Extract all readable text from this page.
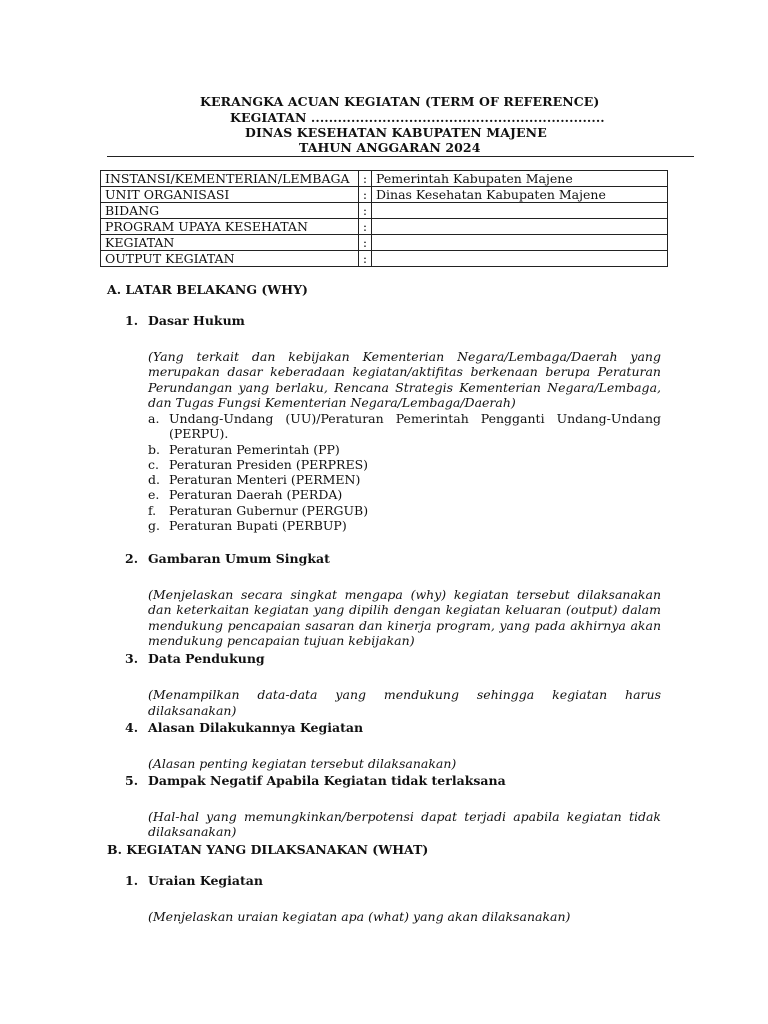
KERANGKA ACUAN KEGIATAN (TERM OF REFERENCE)
KEGIATAN ..................................................................
DINAS KESEHATAN KABUPATEN MAJENE
TAHUN ANGGARAN 2024
INSTANSI/KEMENTERIAN/LEMBAGA	:	Pemerintah Kabupaten Majene
UNIT ORGANISASI	:	Dinas Kesehatan Kabupaten Majene
BIDANG	:	
PROGRAM UPAYA KESEHATAN	:	
KEGIATAN	:	
OUTPUT KEGIATAN	:	
A. LATAR BELAKANG (WHY)
1. Dasar Hukum

(Yang terkait dan kebijakan Kementerian Negara/Lembaga/Daerah yang merupakan dasar keberadaan kegiatan/aktifitas berkenaan berupa Peraturan Perundangan yang berlaku, Rencana Strategis Kementerian Negara/Lembaga, dan Tugas Fungsi Kementerian Negara/Lembaga/Daerah)

a. Undang-Undang (UU)/Peraturan Pemerintah Pengganti Undang-Undang (PERPU).
b. Peraturan Pemerintah (PP)
c. Peraturan Presiden (PERPRES)
d. Peraturan Menteri (PERMEN)
e. Peraturan Daerah (PERDA)
f. Peraturan Gubernur (PERGUB)
g. Peraturan Bupati (PERBUP)
2. Gambaran Umum Singkat

(Menjelaskan secara singkat mengapa (why) kegiatan tersebut dilaksanakan dan keterkaitan kegiatan yang dipilih dengan kegiatan keluaran (output) dalam mendukung pencapaian sasaran dan kinerja program, yang pada akhirnya akan mendukung pencapaian tujuan kebijakan)

3. Data Pendukung

(Menampilkan data-data yang mendukung sehingga kegiatan harus

dilaksanakan)

4. Alasan Dilakukannya Kegiatan

(Alasan penting kegiatan tersebut dilaksanakan)

5. Dampak Negatif Apabila Kegiatan tidak terlaksana

(Hal-hal yang memungkinkan/berpotensi dapat terjadi apabila kegiatan tidak dilaksanakan)

B. KEGIATAN YANG DILAKSANAKAN (WHAT)
1. Uraian Kegiatan

(Menjelaskan uraian kegiatan apa (what) yang akan dilaksanakan)
